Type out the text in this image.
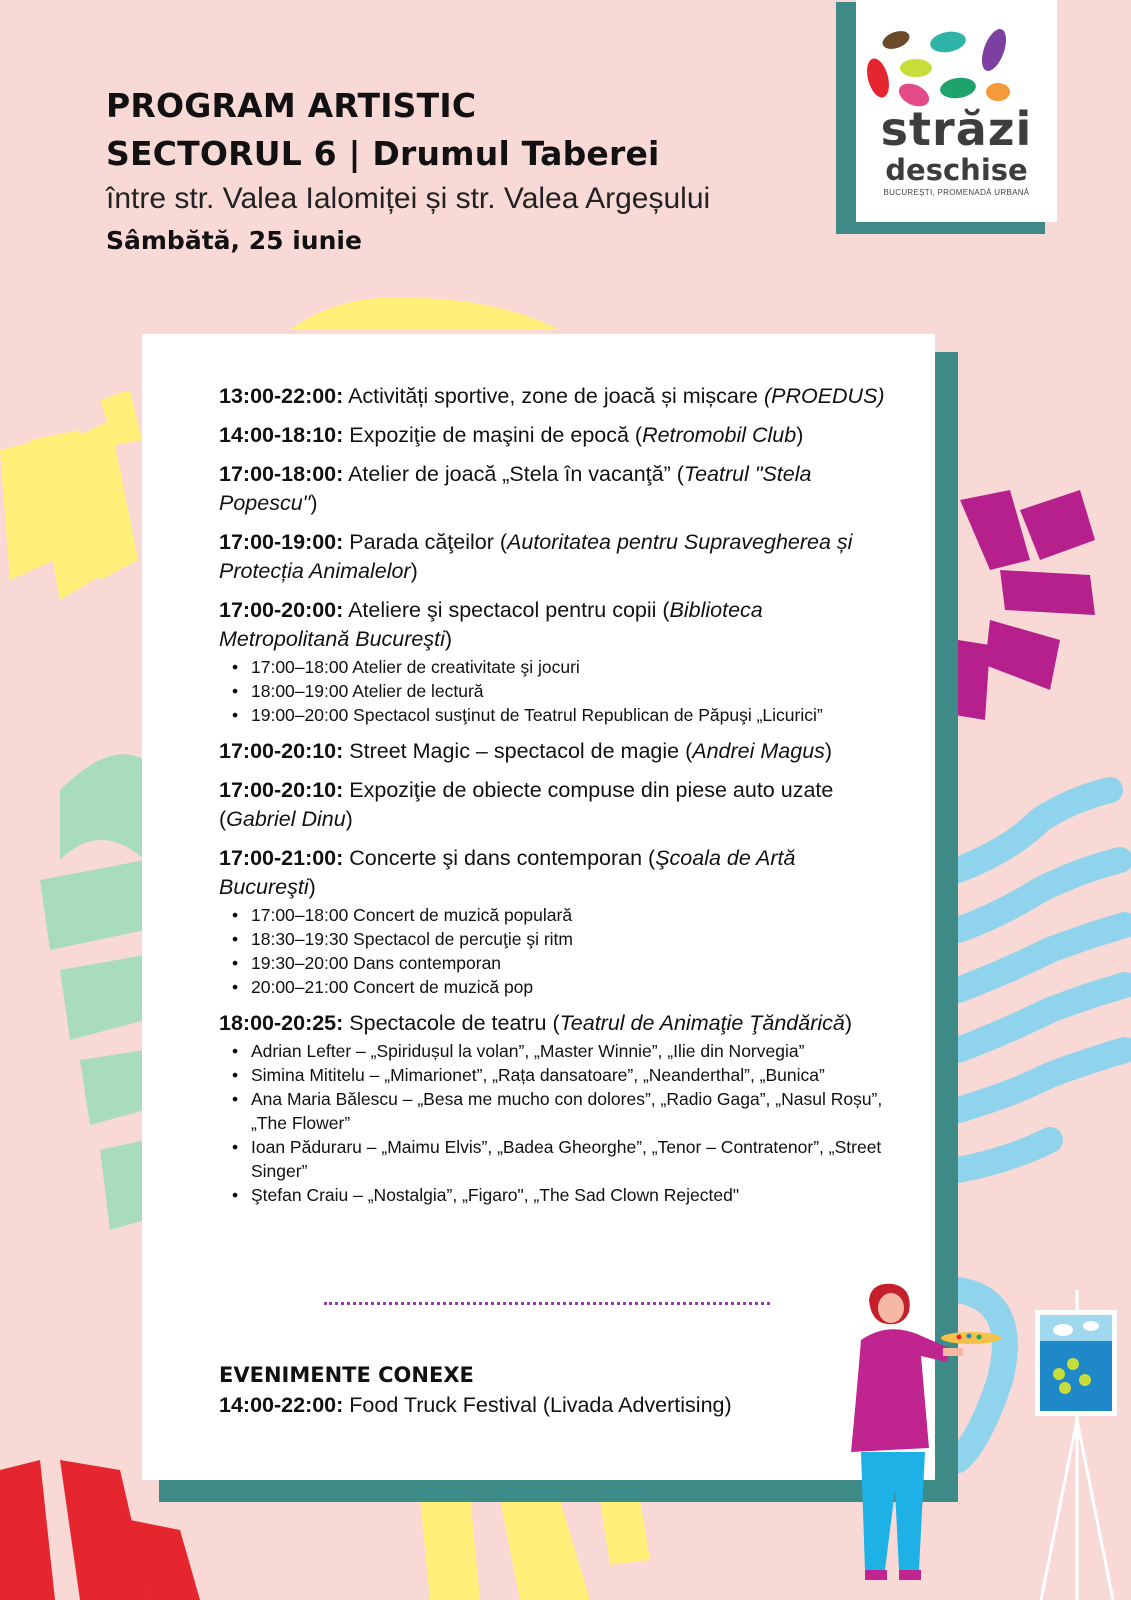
PROGRAM ARTISTIC
SECTORUL 6 | Drumul Taberei
între str. Valea Ialomiței și str. Valea Argeșului
Sâmbătă, 25 iunie
străzi
deschise
BUCUREȘTI, PROMENADĂ URBANĂ
13:00-22:00: Activități sportive, zone de joacă și mișcare (PROEDUS)
14:00-18:10: Expoziţie de maşini de epocă (Retromobil Club)
17:00-18:00: Atelier de joacă „Stela în vacanţă” (Teatrul "Stela Popescu")
17:00-19:00: Parada căţeilor (Autoritatea pentru Supravegherea și Protecția Animalelor)
17:00-20:00: Ateliere şi spectacol pentru copii (Biblioteca Metropolitană Bucureşti)
• 17:00–18:00 Atelier de creativitate şi jocuri
• 18:00–19:00 Atelier de lectură
• 19:00–20:00 Spectacol susţinut de Teatrul Republican de Păpuşi „Licurici”
17:00-20:10: Street Magic – spectacol de magie (Andrei Magus)
17:00-20:10: Expoziţie de obiecte compuse din piese auto uzate (Gabriel Dinu)
17:00-21:00: Concerte şi dans contemporan (Şcoala de Artă Bucureşti)
• 17:00–18:00 Concert de muzică populară
• 18:30–19:30 Spectacol de percuţie şi ritm
• 19:30–20:00 Dans contemporan
• 20:00–21:00 Concert de muzică pop
18:00-20:25: Spectacole de teatru (Teatrul de Animaţie Ţăndărică)
• Adrian Lefter – „Spiridușul la volan”, „Master Winnie”, „Ilie din Norvegia”
• Simina Mititelu – „Mimarionet”, „Rața dansatoare”, „Neanderthal”, „Bunica”
• Ana Maria Bălescu – „Besa me mucho con dolores”, „Radio Gaga”, „Nasul Roșu”, „The Flower”
• Ioan Păduraru – „Maimu Elvis”, „Badea Gheorghe”, „Tenor – Contratenor”, „Street Singer”
• Ştefan Craiu – „Nostalgia”, „Figaro", „The Sad Clown Rejected"
EVENIMENTE CONEXE
14:00-22:00: Food Truck Festival (Livada Advertising)
